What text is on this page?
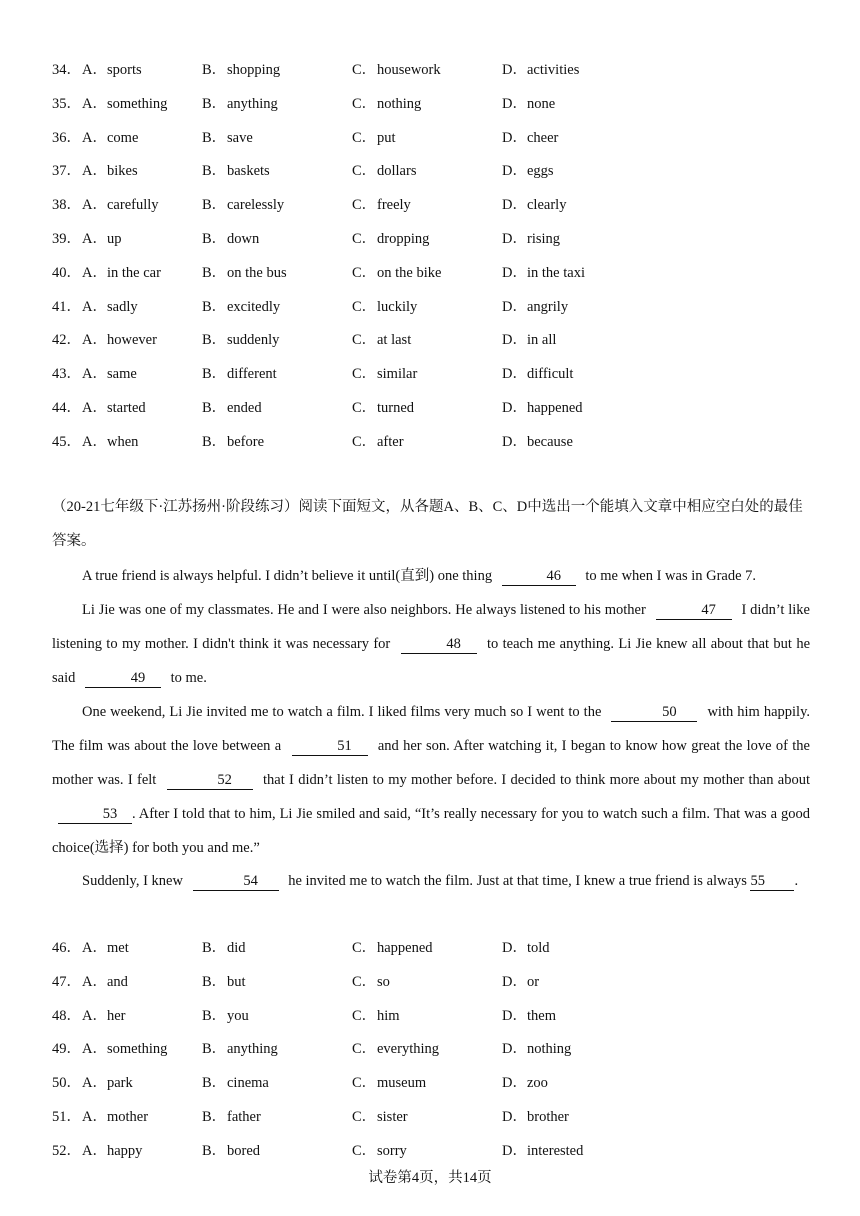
34． A．sports	B．shopping	C．housework	D．activities
35． A．something B．anything	C．nothing	D．none
36． A．come	B．save	C．put	D．cheer
37． A．bikes	B．baskets	C．dollars	D．eggs
38． A．carefully	B．carelessly	C．freely	D．clearly
39． A．up	B．down	C．dropping	D．rising
40． A．in the car	B．on the bus	C．on the bike	D．in the taxi
41． A．sadly	B．excitedly	C．luckily	D．angrily
42． A．however	B．suddenly	C．at last	D．in all
43． A．same	B．different	C．similar	D．difficult
44． A．started	B．ended	C．turned	D．happened
45． A．when	B．before	C．after	D．because
（20-21七年级下·江苏扬州·阶段练习）阅读下面短文，从各题A、B、C、D中选出一个能填入文章中相应空白处的最佳答案。
A true friend is always helpful. I didn’t believe it until(直到) one thing	46 to me when I was in Grade 7.
Li Jie was one of my classmates. He and I were also neighbors. He always listened to his mother	47 I didn’t like listening to my mother. I didn't think it was necessary for	48 to teach me anything. Li Jie knew all about that but he said	49 to me.
One weekend, Li Jie invited me to watch a film. I liked films very much so I went to the	50 with him happily. The film was about the love between a	51 and her son. After watching it, I began to know how great the love of the mother was. I felt	52 that I didn’t listen to my mother before. I decided to think more about my mother than about 53 . After I told that to him, Li Jie smiled and said, “It’s really necessary for you to watch such a film. That was a good choice(选择) for both you and me.”
Suddenly, I knew	54 he invited me to watch the film. Just at that time, I knew a true friend is always 55 .
46． A．met	B．did	C．happened	D．told
47． A．and	B．but	C．so	D．or
48． A．her	B．you	C．him	D．them
49． A．something B．anything	C．everything	D．nothing
50． A．park	B．cinema	C．museum	D．zoo
51． A．mother	B．father	C．sister	D．brother
52． A．happy	B．bored	C．sorry	D．interested
试卷第4页，共14页
